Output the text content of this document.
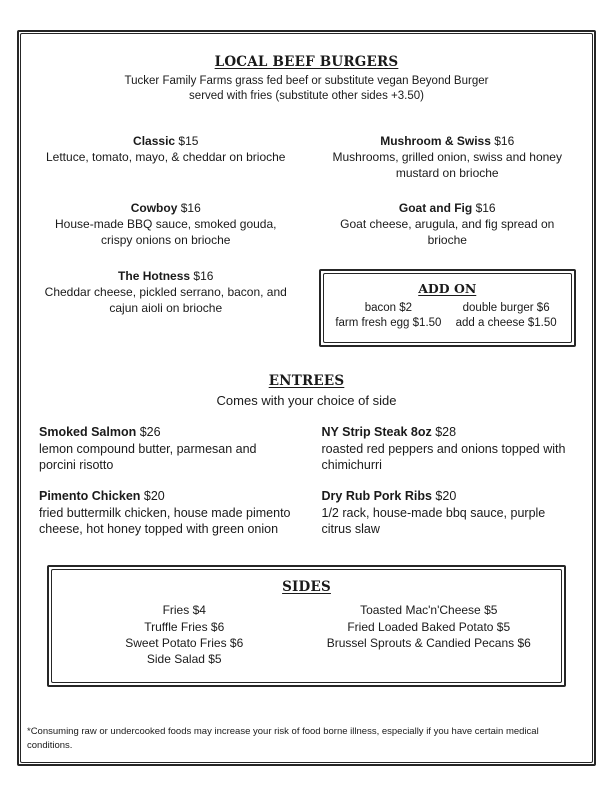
LOCAL BEEF BURGERS
Tucker Family Farms grass fed beef or substitute vegan Beyond Burger
served with fries (substitute other sides +3.50)
Classic $15
Lettuce, tomato, mayo, & cheddar on brioche
Mushroom & Swiss $16
Mushrooms, grilled onion, swiss and honey mustard on brioche
Cowboy $16
House-made BBQ sauce, smoked gouda, crispy onions on brioche
Goat and Fig $16
Goat cheese, arugula, and fig spread on brioche
The Hotness $16
Cheddar cheese, pickled serrano, bacon, and cajun aioli on brioche
ADD ON
bacon $2	double burger $6
farm fresh egg $1.50	add a cheese $1.50
ENTREES
Comes with your choice of side
Smoked Salmon $26
lemon compound butter, parmesan and porcini risotto
NY Strip Steak 8oz $28
roasted red peppers and onions topped with chimichurri
Pimento Chicken $20
fried buttermilk chicken, house made pimento cheese, hot honey topped with green onion
Dry Rub Pork Ribs $20
1/2 rack, house-made bbq sauce, purple citrus slaw
SIDES
Fries $4
Truffle Fries $6
Sweet Potato Fries $6
Side Salad $5
Toasted Mac'n'Cheese $5
Fried Loaded Baked Potato $5
Brussel Sprouts & Candied Pecans $6
*Consuming raw or undercooked foods may increase your risk of food borne illness, especially if you have certain medical conditions.
